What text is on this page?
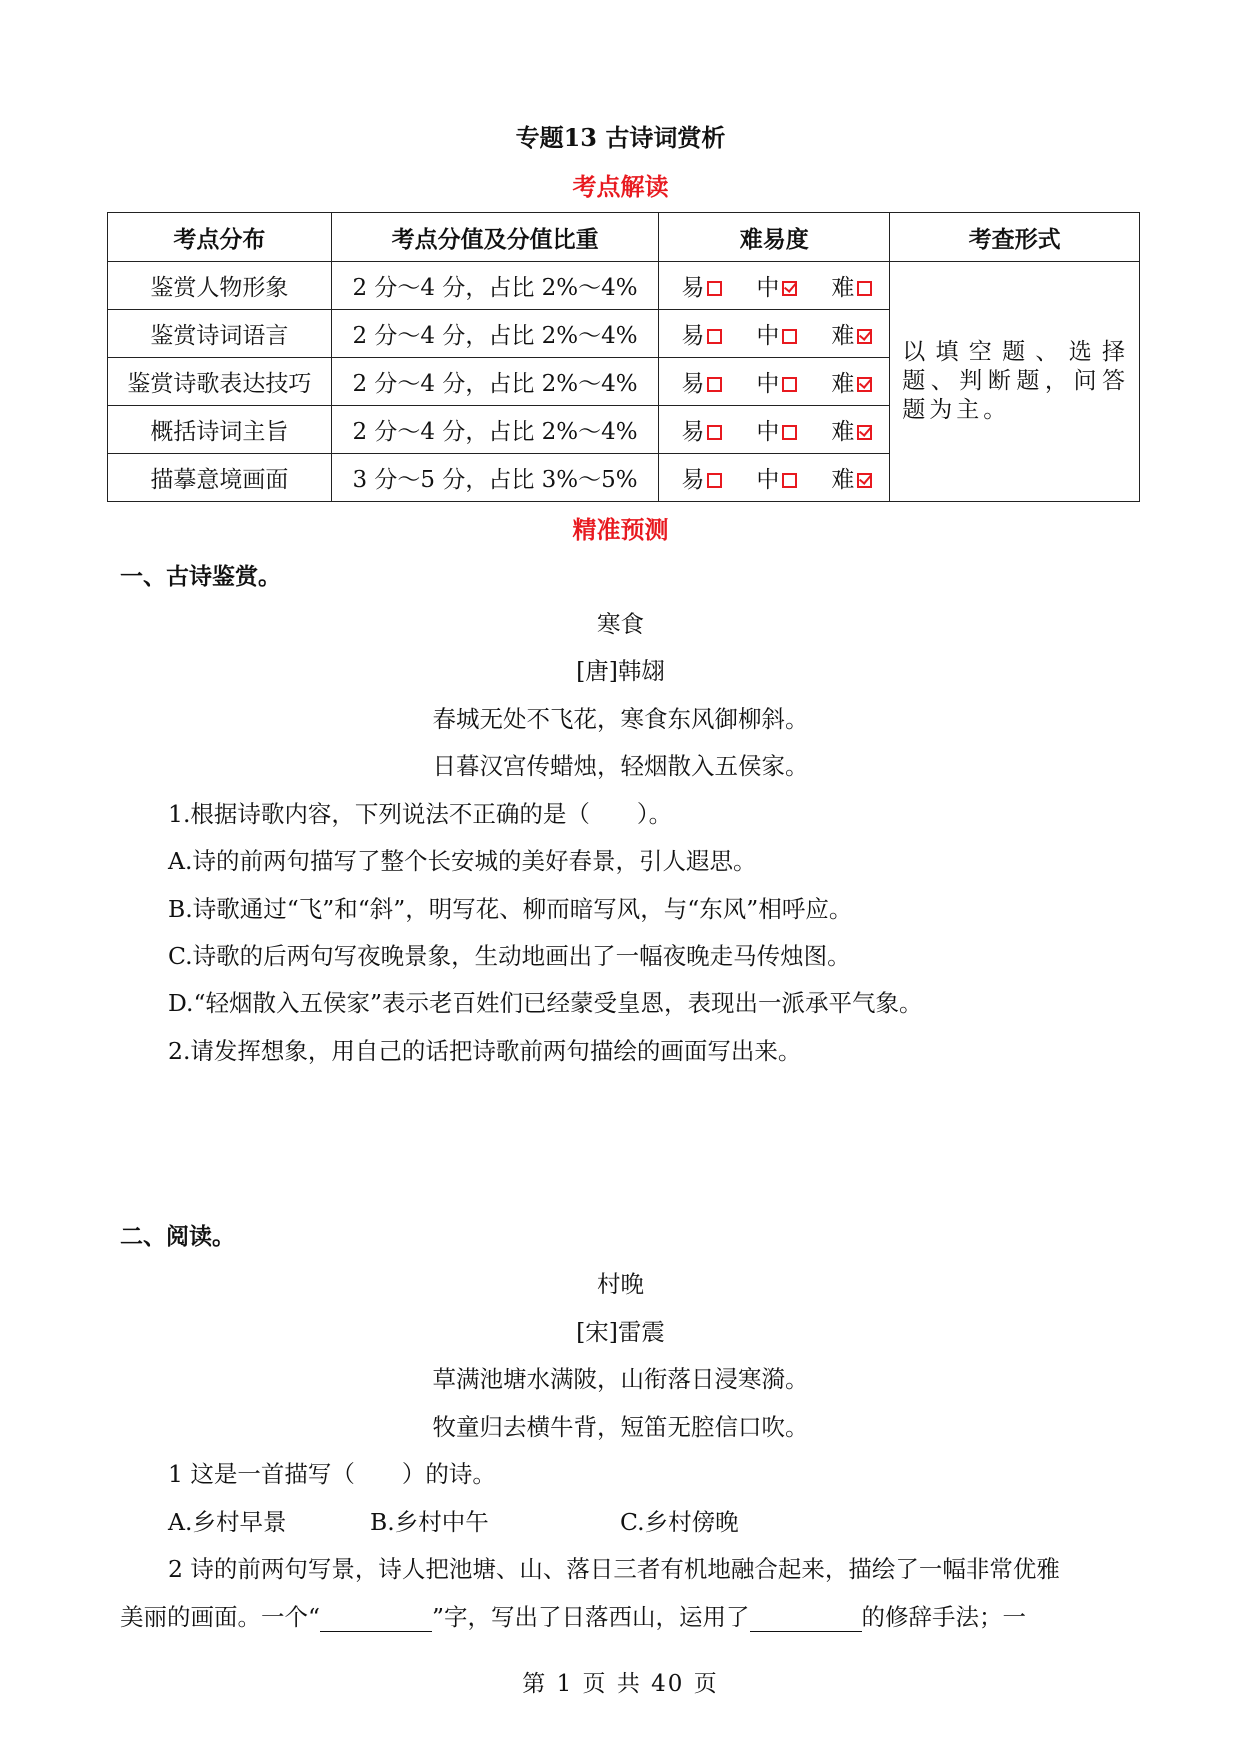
专题13 古诗词赏析
考点解读
考点分布	考点分值及分值比重	难易度	考查形式
鉴赏人物形象	2 分～4 分，占比 2%～4%	易 中 难	以填空题、选择题、判断题，问答题为主。
鉴赏诗词语言	2 分～4 分，占比 2%～4%	易 中 难	
鉴赏诗歌表达技巧	2 分～4 分，占比 2%～4%	易 中 难	
概括诗词主旨	2 分～4 分，占比 2%～4%	易 中 难	
描摹意境画面	3 分～5 分，占比 3%～5%	易 中 难	
精准预测
一、古诗鉴赏。
寒食
[唐]韩翃
春城无处不飞花，寒食东风御柳斜。
日暮汉宫传蜡烛，轻烟散入五侯家。
1.根据诗歌内容，下列说法不正确的是（　　）。
A.诗的前两句描写了整个长安城的美好春景，引人遐思。
B.诗歌通过“飞”和“斜”，明写花、柳而暗写风，与“东风”相呼应。
C.诗歌的后两句写夜晚景象，生动地画出了一幅夜晚走马传烛图。
D.“轻烟散入五侯家”表示老百姓们已经蒙受皇恩，表现出一派承平气象。
2.请发挥想象，用自己的话把诗歌前两句描绘的画面写出来。
二、阅读。
村晚
[宋]雷震
草满池塘水满陂，山衔落日浸寒漪。
牧童归去横牛背，短笛无腔信口吹。
1 这是一首描写（　　）的诗。
A.乡村早景	B.乡村中午	C.乡村傍晚
2 诗的前两句写景，诗人把池塘、山、落日三者有机地融合起来，描绘了一幅非常优雅
美丽的画面。一个“	”字，写出了日落西山，运用了	的修辞手法；一
第 1 页 共 40 页
